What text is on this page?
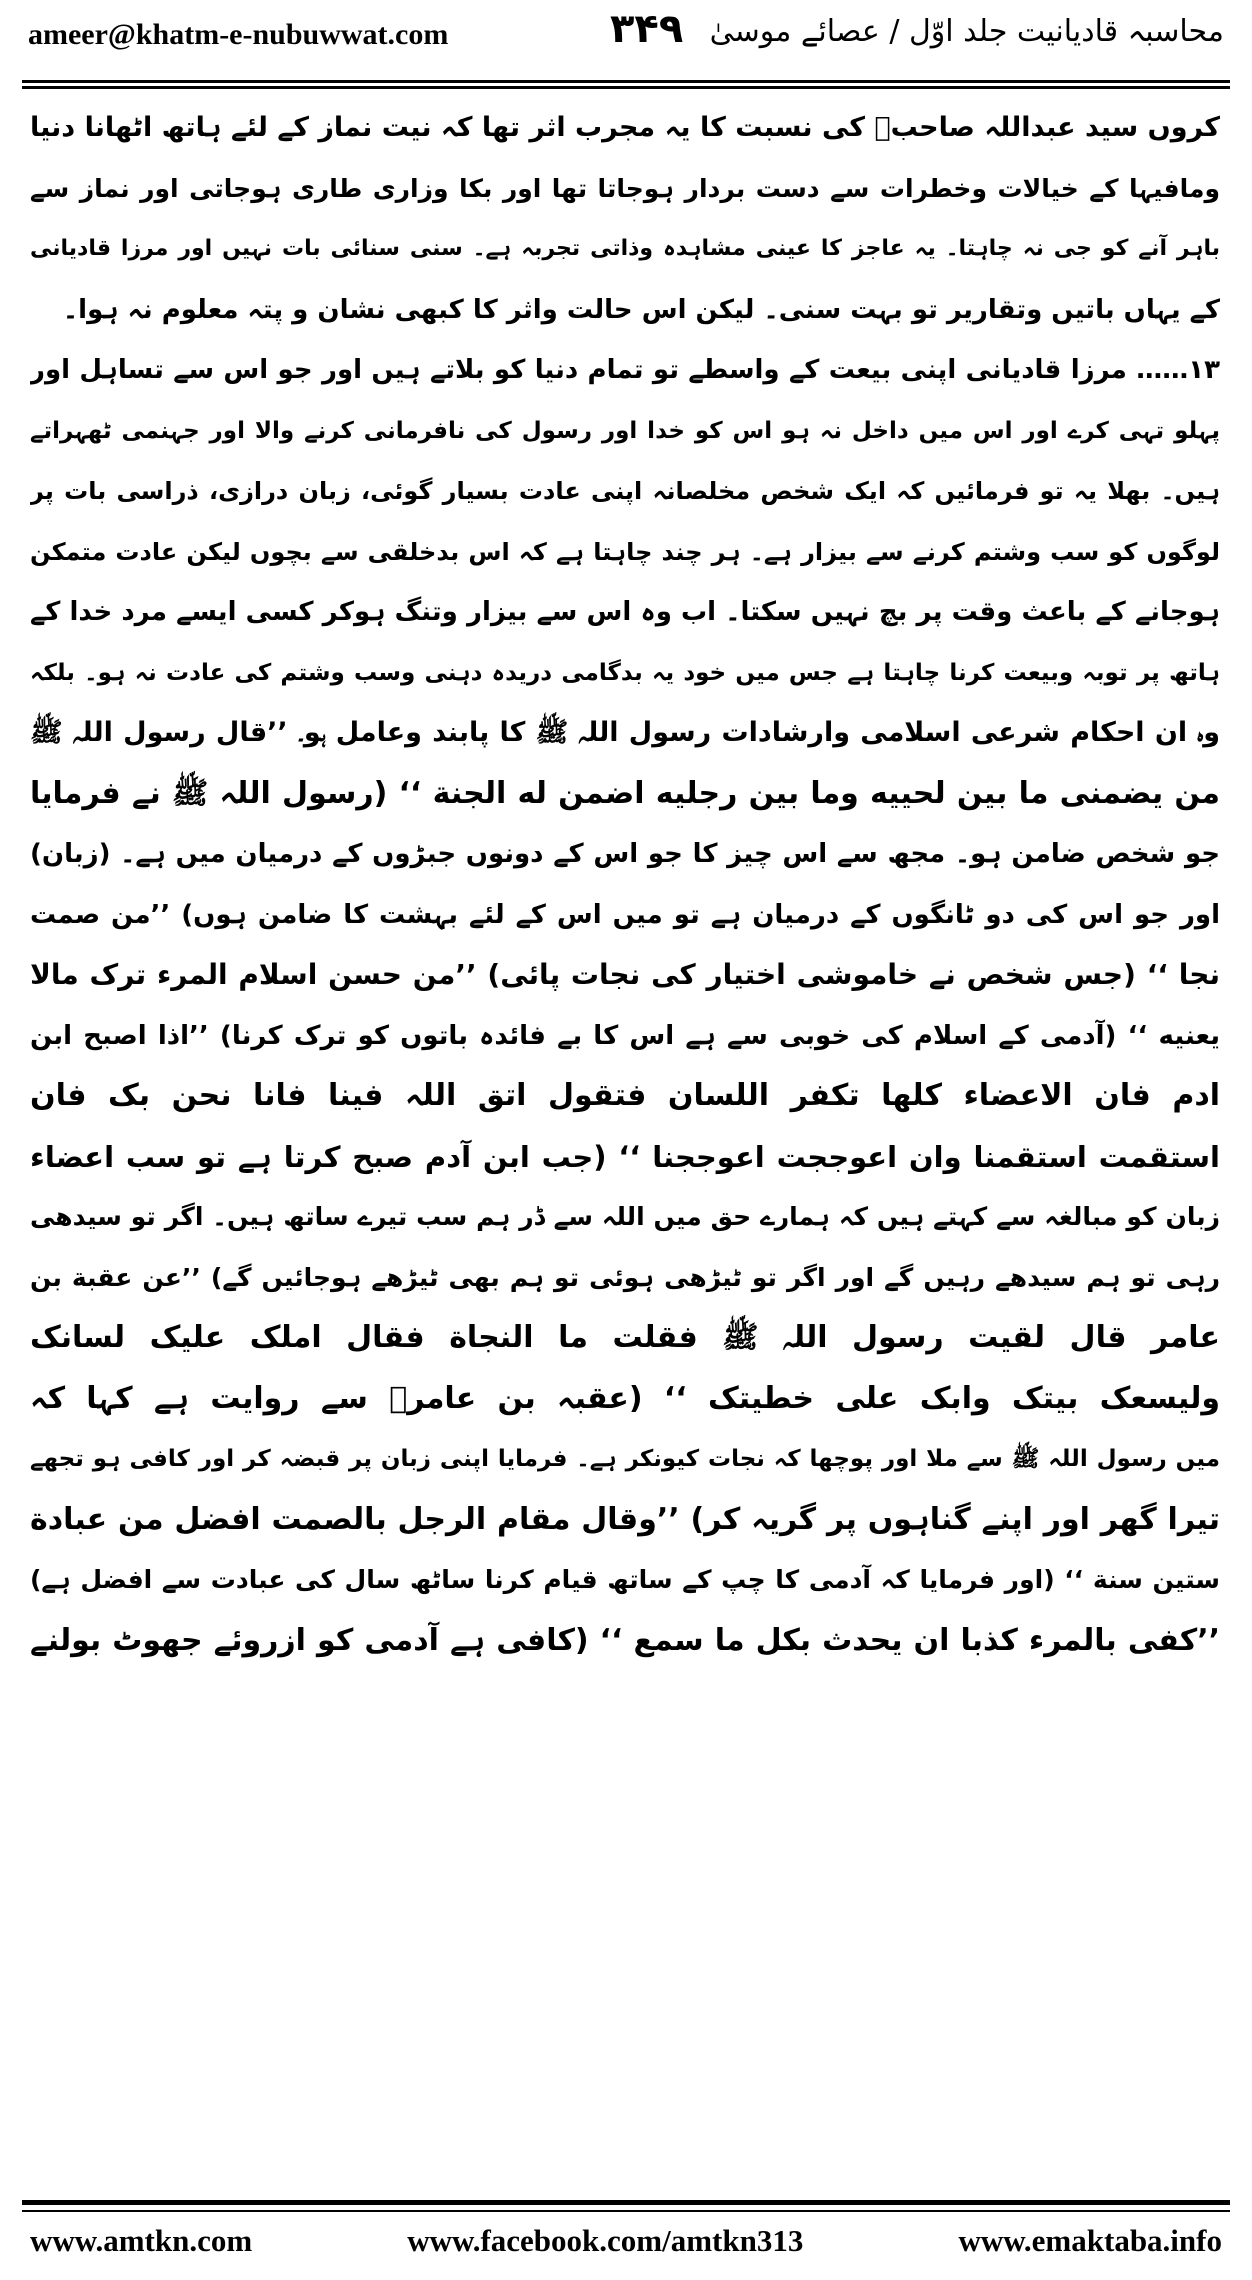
ameer@khatm-e-nubuwwat.com	۳۴۹ محاسبہ قادیانیت جلد اوّل / عصائے موسیٰ
کروں سید عبداللہ صاحبؒ کی نسبت کا یہ مجرب اثر تھا کہ نیت نماز کے لئے ہاتھ اٹھانا دنیا
ومافیہا کے خیالات وخطرات سے دست بردار ہوجاتا تھا اور بکا وزاری طاری ہوجاتی اور نماز سے
باہر آنے کو جی نہ چاہتا۔ یہ عاجز کا عینی مشاہدہ وذاتی تجربہ ہے۔ سنی سنائی بات نہیں اور مرزا قادیانی
کے یہاں باتیں وتقاریر تو بہت سنی۔ لیکن اس حالت واثر کا کبھی نشان و پتہ معلوم نہ ہوا۔
۱۳…… مرزا قادیانی اپنی بیعت کے واسطے تو تمام دنیا کو بلاتے ہیں اور جو اس سے تساہل اور
پہلو تہی کرے اور اس میں داخل نہ ہو اس کو خدا اور رسول کی نافرمانی کرنے والا اور جہنمی ٹھہراتے
ہیں۔ بھلا یہ تو فرمائیں کہ ایک شخص مخلصانہ اپنی عادت بسیار گوئی، زبان درازی، ذراسی بات پر
لوگوں کو سب وشتم کرنے سے بیزار ہے۔ ہر چند چاہتا ہے کہ اس بدخلقی سے بچوں لیکن عادت متمکن
ہوجانے کے باعث وقت پر بچ نہیں سکتا۔ اب وہ اس سے بیزار وتنگ ہوکر کسی ایسے مرد خدا کے
ہاتھ پر توبہ وبیعت کرنا چاہتا ہے جس میں خود یہ بدگامی دریدہ دہنی وسب وشتم کی عادت نہ ہو۔ بلکہ
وہ ان احکام شرعی اسلامی وارشادات رسول اللہ ﷺ کا پابند وعامل ہو۔ ’’قال رسول اللہ ﷺ
من یضمنی ما بین لحییه وما بین رجلیه اضمن له الجنة ‘‘ (رسول اللہ ﷺ نے فرمایا
جو شخص ضامن ہو۔ مجھ سے اس چیز کا جو اس کے دونوں جبڑوں کے درمیان میں ہے۔ (زبان)
اور جو اس کی دو ٹانگوں کے درمیان ہے تو میں اس کے لئے بہشت کا ضامن ہوں) ’’من صمت
نجا ‘‘ (جس شخص نے خاموشی اختیار کی نجات پائی) ’’من حسن اسلام المرء ترک مالا
یعنیه ‘‘ (آدمی کے اسلام کی خوبی سے ہے اس کا بے فائدہ باتوں کو ترک کرنا) ’’اذا اصبح ابن
ادم فان الاعضاء کلها تکفر اللسان فتقول اتق اللہ فینا فانا نحن بک فان
استقمت استقمنا وان اعوججت اعوججنا ‘‘ (جب ابن آدم صبح کرتا ہے تو سب اعضاء
زبان کو مبالغہ سے کہتے ہیں کہ ہمارے حق میں اللہ سے ڈر ہم سب تیرے ساتھ ہیں۔ اگر تو سیدھی
رہی تو ہم سیدھے رہیں گے اور اگر تو ٹیڑھی ہوئی تو ہم بھی ٹیڑھے ہوجائیں گے) ’’عن عقبة بن
عامر قال لقیت رسول اللہ ﷺ فقلت ما النجاة فقال املک علیک لسانک
ولیسعک بیتک وابک علی خطیتک ‘‘ (عقبہ بن عامرؓ سے روایت ہے کہا کہ
میں رسول اللہ ﷺ سے ملا اور پوچھا کہ نجات کیونکر ہے۔ فرمایا اپنی زبان پر قبضہ کر اور کافی ہو تجھے
تیرا گھر اور اپنے گناہوں پر گریہ کر) ’’وقال مقام الرجل بالصمت افضل من عبادة
ستین سنة ‘‘ (اور فرمایا کہ آدمی کا چپ کے ساتھ قیام کرنا ساٹھ سال کی عبادت سے افضل ہے)
’’کفی بالمرء کذبا ان یحدث بکل ما سمع ‘‘ (کافی ہے آدمی کو ازروئے جھوٹ بولنے
www.amtkn.com	www.facebook.com/amtkn313	www.emaktaba.info
